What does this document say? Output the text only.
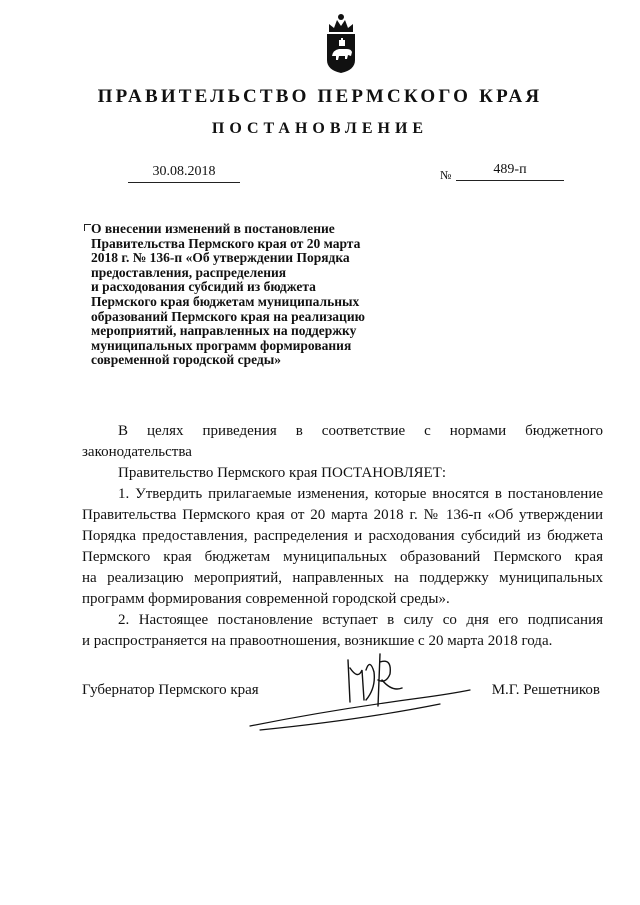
ПРАВИТЕЛЬСТВО ПЕРМСКОГО КРАЯ
ПОСТАНОВЛЕНИЕ
30.08.2018	№	489-п
О внесении изменений в постановление
Правительства Пермского края от 20 марта
2018 г. № 136-п «Об утверждении Порядка
предоставления, распределения
и расходования субсидий из бюджета
Пермского края бюджетам муниципальных
образований Пермского края на реализацию
мероприятий, направленных на поддержку
муниципальных программ формирования
современной городской среды»
В целях приведения в соответствие с нормами бюджетного
законодательства
Правительство Пермского края ПОСТАНОВЛЯЕТ:
1. Утвердить прилагаемые изменения, которые вносятся в постановление
Правительства Пермского края от 20 марта 2018 г. № 136-п «Об утверждении
Порядка предоставления, распределения и расходования субсидий из бюджета
Пермского края бюджетам муниципальных образований Пермского края
на реализацию мероприятий, направленных на поддержку муниципальных
программ формирования современной городской среды».
2. Настоящее постановление вступает в силу со дня его подписания
и распространяется на правоотношения, возникшие с 20 марта 2018 года.
Губернатор Пермского края	М.Г. Решетников
